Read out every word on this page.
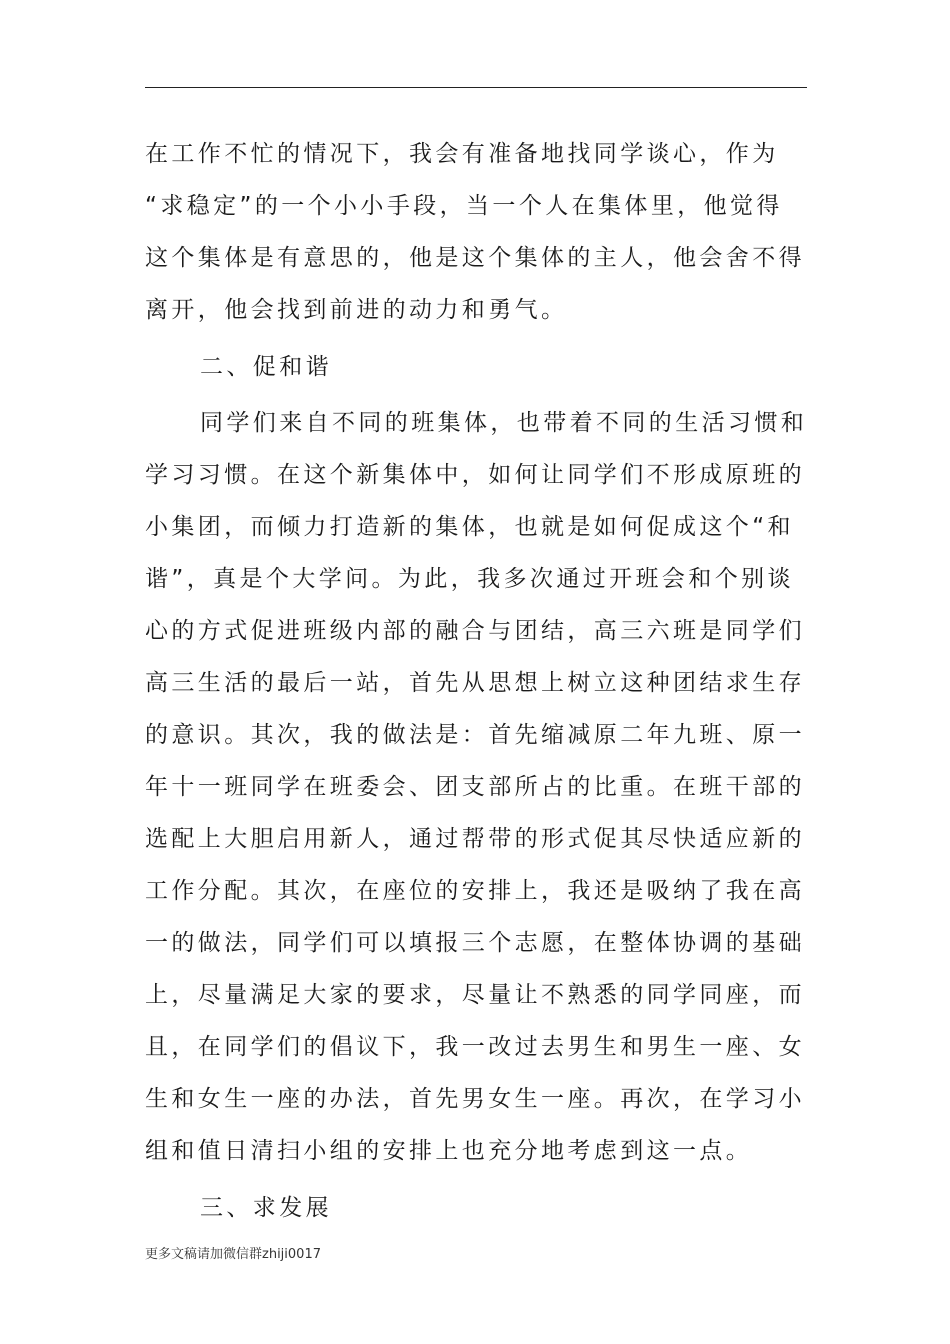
在工作不忙的情况下，我会有准备地找同学谈心，作为
“求稳定”的一个小小手段，当一个人在集体里，他觉得
这个集体是有意思的，他是这个集体的主人，他会舍不得
离开，他会找到前进的动力和勇气。
二、促和谐
同学们来自不同的班集体，也带着不同的生活习惯和
学习习惯。在这个新集体中，如何让同学们不形成原班的
小集团，而倾力打造新的集体，也就是如何促成这个“和
谐”，真是个大学问。为此，我多次通过开班会和个别谈
心的方式促进班级内部的融合与团结，高三六班是同学们
高三生活的最后一站，首先从思想上树立这种团结求生存
的意识。其次，我的做法是：首先缩减原二年九班、原一
年十一班同学在班委会、团支部所占的比重。在班干部的
选配上大胆启用新人，通过帮带的形式促其尽快适应新的
工作分配。其次，在座位的安排上，我还是吸纳了我在高
一的做法，同学们可以填报三个志愿，在整体协调的基础
上，尽量满足大家的要求，尽量让不熟悉的同学同座，而
且，在同学们的倡议下，我一改过去男生和男生一座、女
生和女生一座的办法，首先男女生一座。再次，在学习小
组和值日清扫小组的安排上也充分地考虑到这一点。
三、求发展
更多文稿请加微信群zhiji0017
